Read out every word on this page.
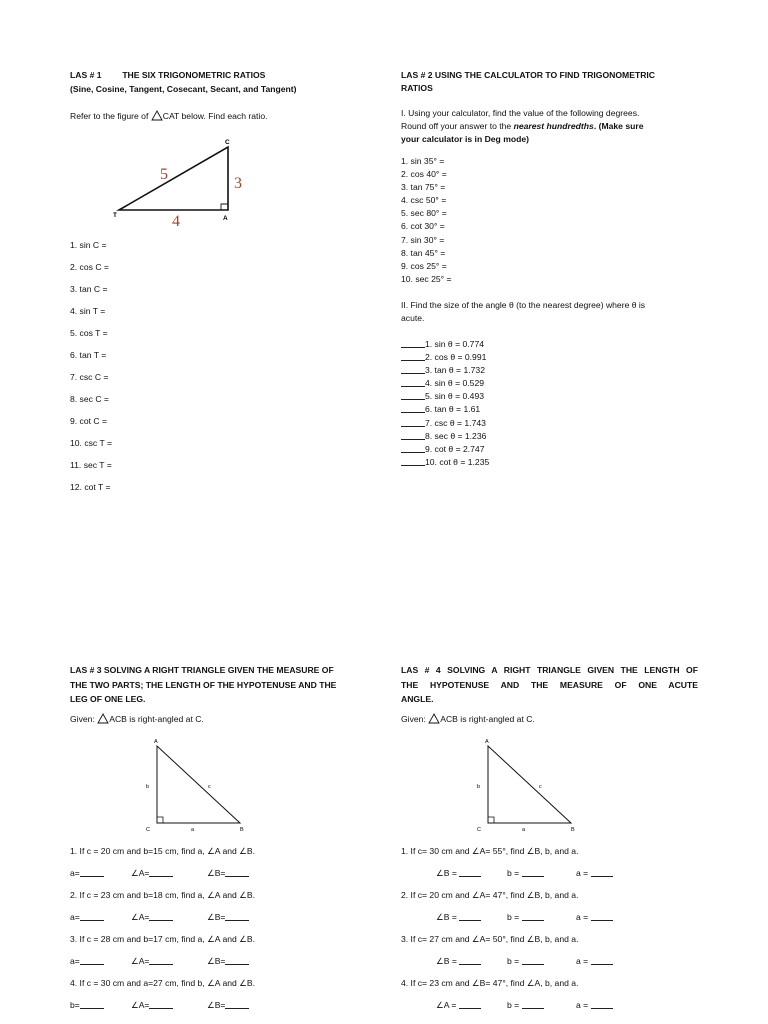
LAS # 1 THE SIX TRIGONOMETRIC RATIOS
(Sine, Cosine, Tangent, Cosecant, Secant, and Tangent)
Refer to the figure of CAT below. Find each ratio.
C
T	A
5
3
4
1. sin C =
2. cos C =
3. tan C =
4. sin T =
5. cos T =
6. tan T =
7. csc C =
8. sec C =
9. cot C =
10. csc T =
11. sec T =
12. cot T =
LAS # 2 USING THE CALCULATOR TO FIND TRIGONOMETRIC
RATIOS
I. Using your calculator, find the value of the following degrees.
Round off your answer to the nearest hundredths. (Make sure
your calculator is in Deg mode)
1. sin 35° =
2. cos 40° =
3. tan 75° =
4. csc 50° =
5. sec 80° =
6. cot 30° =
7. sin 30° =
8. tan 45° =
9. cos 25° =
10. sec 25° =
II. Find the size of the angle θ (to the nearest degree) where θ is
acute.
1. sin θ = 0.774
2. cos θ = 0.991
3. tan θ = 1.732
4. sin θ = 0.529
5. sin θ = 0.493
6. tan θ = 1.61
7. csc θ = 1.743
8. sec θ = 1.236
9. cot θ = 2.747
10. cot θ = 1.235
LAS # 3 SOLVING A RIGHT TRIANGLE GIVEN THE MEASURE OF
THE TWO PARTS; THE LENGTH OF THE HYPOTENUSE AND THE
LEG OF ONE LEG.
Given: ACB is right-angled at C.
A
C	B
b	c
a
1. If c = 20 cm and b=15 cm, find a, ∠A and ∠B.
a=	∠A=	∠B=
2. If c = 23 cm and b=18 cm, find a, ∠A and ∠B.
a=	∠A=	∠B=
3. If c = 28 cm and b=17 cm, find a, ∠A and ∠B.
a=	∠A=	∠B=
4. If c = 30 cm and a=27 cm, find b, ∠A and ∠B.
b=	∠A=	∠B=
LAS # 4 SOLVING A RIGHT TRIANGLE GIVEN THE LENGTH OF
THE HYPOTENUSE AND THE MEASURE OF ONE ACUTE
ANGLE.
Given: ACB is right-angled at C.
A
C	B
b	c
a
1. If c= 30 cm and ∠A= 55°, find ∠B, b, and a.
∠B =	b =	a =
2. If c= 20 cm and ∠A= 47°, find ∠B, b, and a.
∠B =	b =	a =
3. If c= 27 cm and ∠A= 50°, find ∠B, b, and a.
∠B =	b =	a =
4. If c= 23 cm and ∠B= 47°, find ∠A, b, and a.
∠A =	b =	a =
